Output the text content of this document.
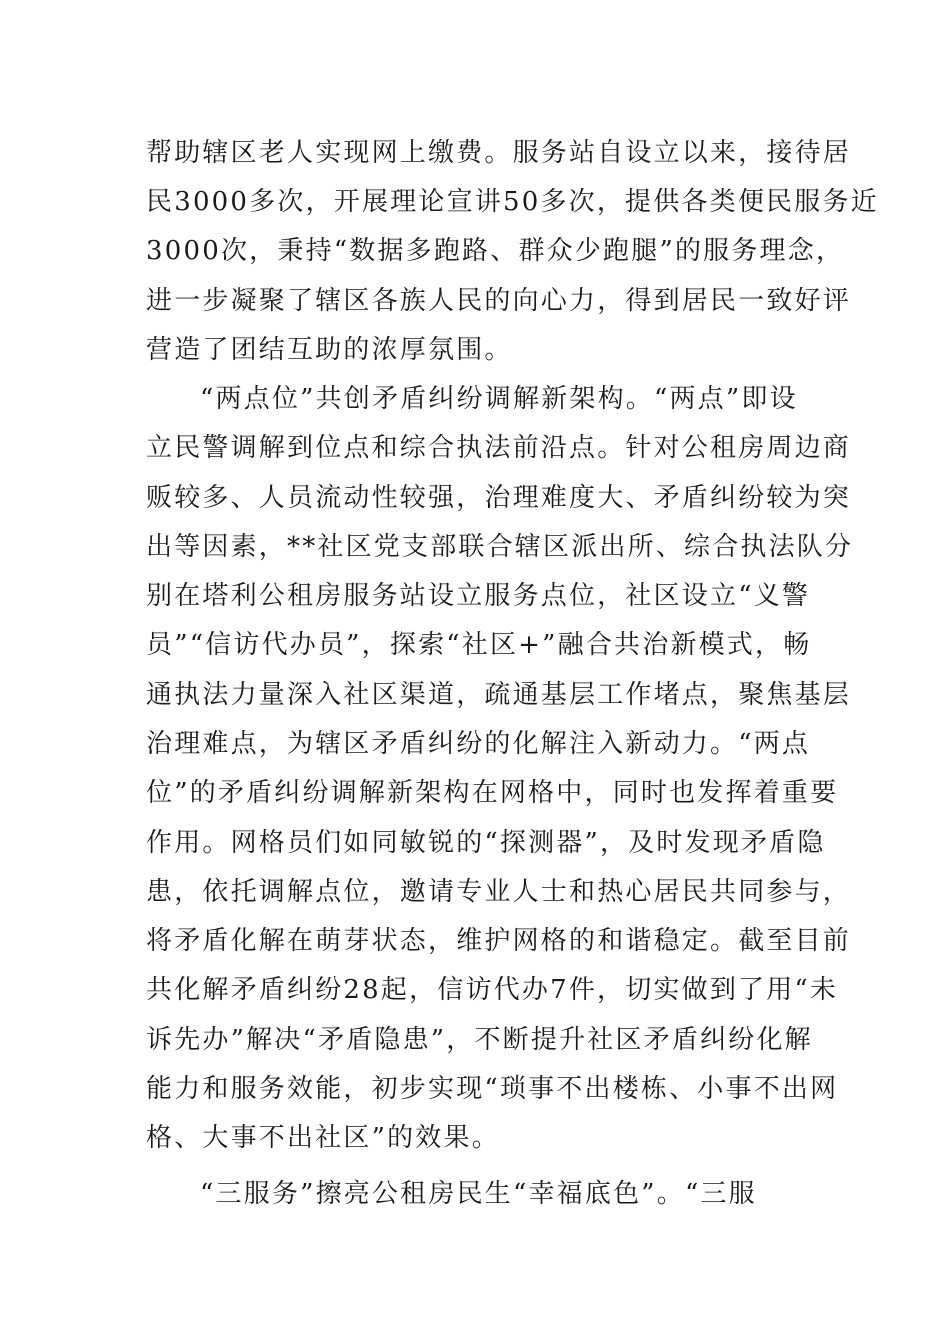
帮助辖区老人实现网上缴费。服务站自设立以来，接待居
民3000多次，开展理论宣讲50多次，提供各类便民服务近
3000次，秉持“数据多跑路、群众少跑腿”的服务理念，
进一步凝聚了辖区各族人民的向心力，得到居民一致好评
营造了团结互助的浓厚氛围。
“两点位”共创矛盾纠纷调解新架构。“两点”即设
立民警调解到位点和综合执法前沿点。针对公租房周边商
贩较多、人员流动性较强，治理难度大、矛盾纠纷较为突
出等因素，**社区党支部联合辖区派出所、综合执法队分
别在塔利公租房服务站设立服务点位，社区设立“义警
员”“信访代办员”，探索“社区+”融合共治新模式，畅
通执法力量深入社区渠道，疏通基层工作堵点，聚焦基层
治理难点，为辖区矛盾纠纷的化解注入新动力。“两点
位”的矛盾纠纷调解新架构在网格中，同时也发挥着重要
作用。网格员们如同敏锐的“探测器”，及时发现矛盾隐
患，依托调解点位，邀请专业人士和热心居民共同参与，
将矛盾化解在萌芽状态，维护网格的和谐稳定。截至目前
共化解矛盾纠纷28起，信访代办7件，切实做到了用“未
诉先办”解决“矛盾隐患”，不断提升社区矛盾纠纷化解
能力和服务效能，初步实现“琐事不出楼栋、小事不出网
格、大事不出社区”的效果。
“三服务”擦亮公租房民生“幸福底色”。“三服
